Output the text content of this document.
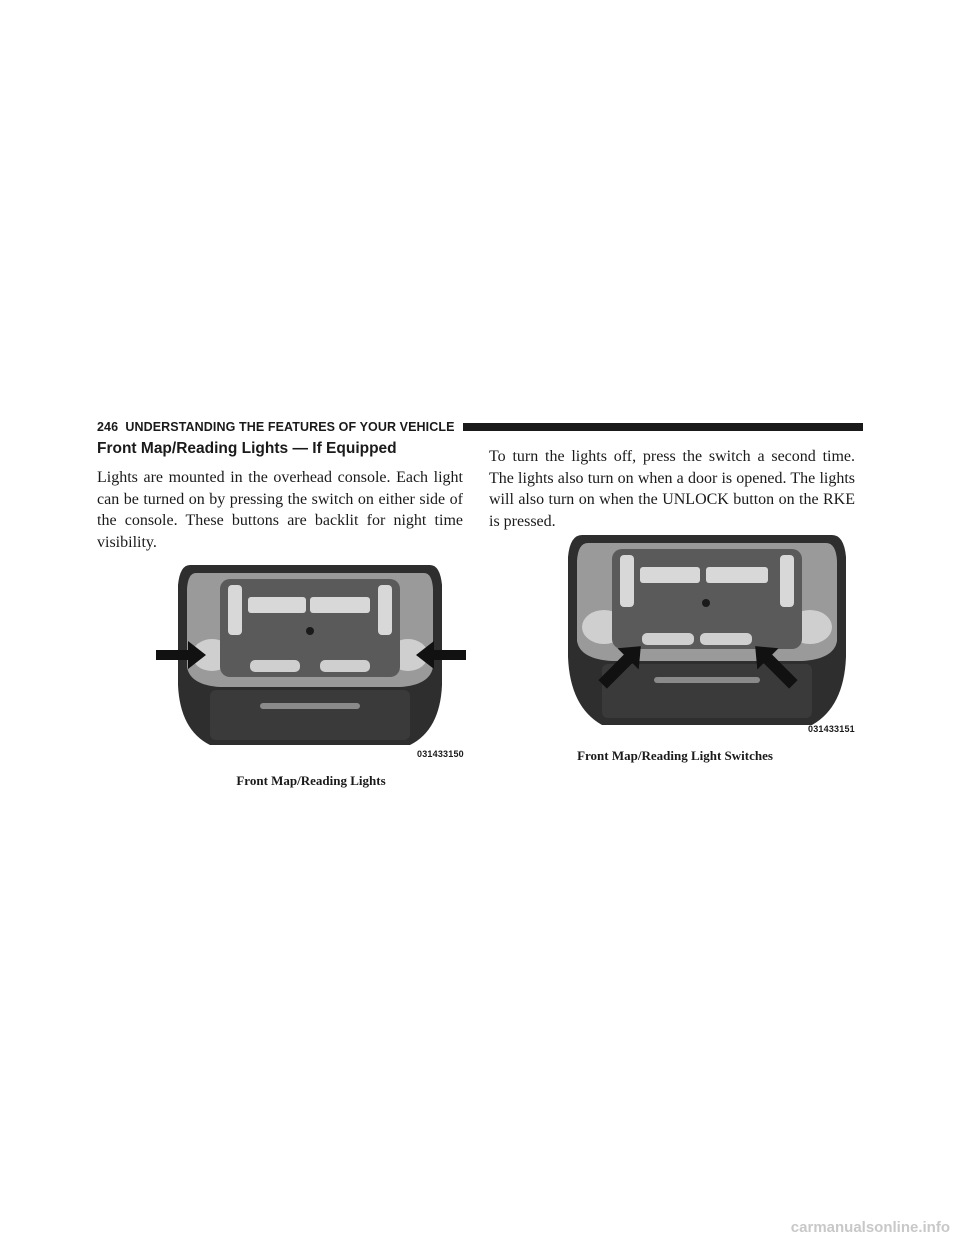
246 UNDERSTANDING THE FEATURES OF YOUR VEHICLE
Front Map/Reading Lights — If Equipped

Lights are mounted in the overhead console. Each light can be turned on by pressing the switch on either side of the console. These buttons are backlit for night time visibility.

To turn the lights off, press the switch a second time. The lights also turn on when a door is opened. The lights will also turn on when the UNLOCK button on the RKE is pressed.

031433150
Front Map/Reading Lights
031433151
Front Map/Reading Light Switches
carmanualsonline.info
